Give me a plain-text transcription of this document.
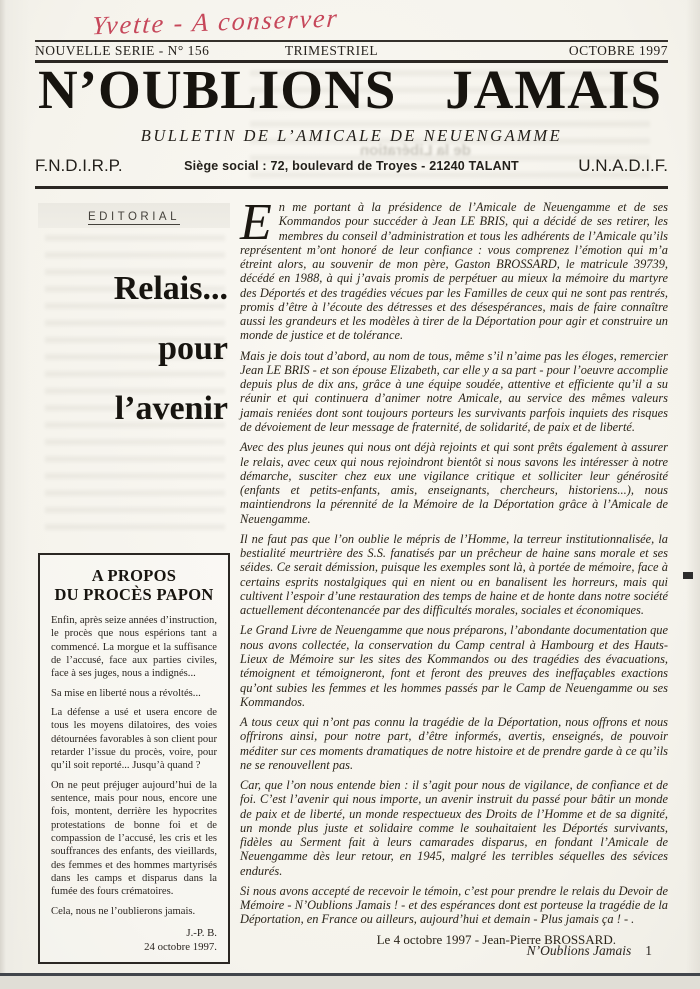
de la Libération
Yvette - A conserver
NOUVELLE SERIE - N° 156	TRIMESTRIEL	OCTOBRE 1997
N’OUBLIONS JAMAIS
BULLETIN DE L’AMICALE DE NEUENGAMME
F.N.D.I.R.P.	Siège social : 72, boulevard de Troyes - 21240 TALANT	U.N.A.D.I.F.
EDITORIAL
Relais...
pour
l’avenir
A PROPOS
DU PROCÈS PAPON

Enfin, après seize années d’instruction, le procès que nous espérions tant a commencé. La morgue et la suffisance de l’accusé, face aux parties civiles, face à ses juges, nous a indignés...

Sa mise en liberté nous a révoltés...

La défense a usé et usera encore de tous les moyens dilatoires, des voies détournées favorables à son client pour retarder l’issue du procès, voire, pour qu’il soit reporté... Jusqu’à quand ?

On ne peut préjuger aujourd’hui de la sentence, mais pour nous, encore une fois, montent, derrière les hypocrites protestations de bonne foi et de compassion de l’accusé, les cris et les souffrances des enfants, des vieillards, des femmes et des hommes martyrisés dans les camps et disparus dans la fumée des fours crématoires.

Cela, nous ne l’oublierons jamais.

J.-P. B.
24 octobre 1997.

En me portant à la présidence de l’Amicale de Neuengamme et de ses Kommandos pour succéder à Jean LE BRIS, qui a décidé de ses retirer, les membres du conseil d’administration et tous les adhérents de l’Amicale qu’ils représentent m’ont honoré de leur confiance : vous comprenez l’émotion qui m’a étreint alors, au souvenir de mon père, Gaston BROSSARD, le matricule 39739, décédé en 1988, à qui j’avais promis de perpétuer au mieux la mémoire du martyre des Déportés et des tragédies vécues par les Familles de ceux qui ne sont pas rentrés, promis d’être à l’écoute des détresses et des désespérances, mais de faire connaître aussi les grandeurs et les modèles à tirer de la Déportation pour agir et construire un monde de justice et de tolérance.

Mais je dois tout d’abord, au nom de tous, même s’il n’aime pas les éloges, remercier Jean LE BRIS - et son épouse Elizabeth, car elle y a sa part - pour l’oeuvre accomplie depuis plus de dix ans, grâce à une équipe soudée, attentive et efficiente qu’il a su réunir et qui continuera d’animer notre Amicale, au service des mêmes valeurs jamais reniées dont sont toujours porteurs les survivants parfois inquiets des risques de dévoiement de leur message de fraternité, de solidarité, de paix et de liberté.

Avec des plus jeunes qui nous ont déjà rejoints et qui sont prêts également à assurer le relais, avec ceux qui nous rejoindront bientôt si nous savons les intéresser à notre démarche, susciter chez eux une vigilance critique et solliciter leur générosité (enfants et petits-enfants, amis, enseignants, chercheurs, historiens...), nous maintiendrons la pérennité de la Mémoire de la Déportation grâce à l’Amicale de Neuengamme.

Il ne faut pas que l’on oublie le mépris de l’Homme, la terreur institutionnalisée, la bestialité meurtrière des S.S. fanatisés par un prêcheur de haine sans morale et ses séides. Ce serait démission, puisque les exemples sont là, à portée de mémoire, face à certains esprits nostalgiques qui en nient ou en banalisent les horreurs, mais qui cultivent l’espoir d’une restauration des temps de haine et de honte dans notre société actuellement décontenancée par des difficultés morales, sociales et économiques.

Le Grand Livre de Neuengamme que nous préparons, l’abondante documentation que nous avons collectée, la conservation du Camp central à Hambourg et des Hauts-Lieux de Mémoire sur les sites des Kommandos ou des tragédies des évacuations, témoignent et témoigneront, font et feront des preuves des ineffaçables exactions qu’ont subies les femmes et les hommes passés par le Camp de Neuengamme ou ses Kommandos.

A tous ceux qui n’ont pas connu la tragédie de la Déportation, nous offrons et nous offrirons ainsi, pour notre part, d’être informés, avertis, enseignés, de pouvoir méditer sur ces moments dramatiques de notre histoire et de prendre garde à ce qu’ils ne se renouvellent pas.

Car, que l’on nous entende bien : il s’agit pour nous de vigilance, de confiance et de foi. C’est l’avenir qui nous importe, un avenir instruit du passé pour bâtir un monde de paix et de liberté, un monde respectueux des Droits de l’Homme et de sa dignité, un monde plus juste et solidaire comme le souhaitaient les Déportés survivants, fidèles au Serment fait à leurs camarades disparus, en fondant l’Amicale de Neuengamme dès leur retour, en 1945, malgré les terribles séquelles des sévices endurés.

Si nous avons accepté de recevoir le témoin, c’est pour prendre le relais du Devoir de Mémoire - N’Oublions Jamais ! - et des espérances dont est porteuse la tragédie de la Déportation, en France ou ailleurs, aujourd’hui et demain - Plus jamais ça ! - .

Le 4 octobre 1997 - Jean-Pierre BROSSARD.

N’Oublions Jamais 1
